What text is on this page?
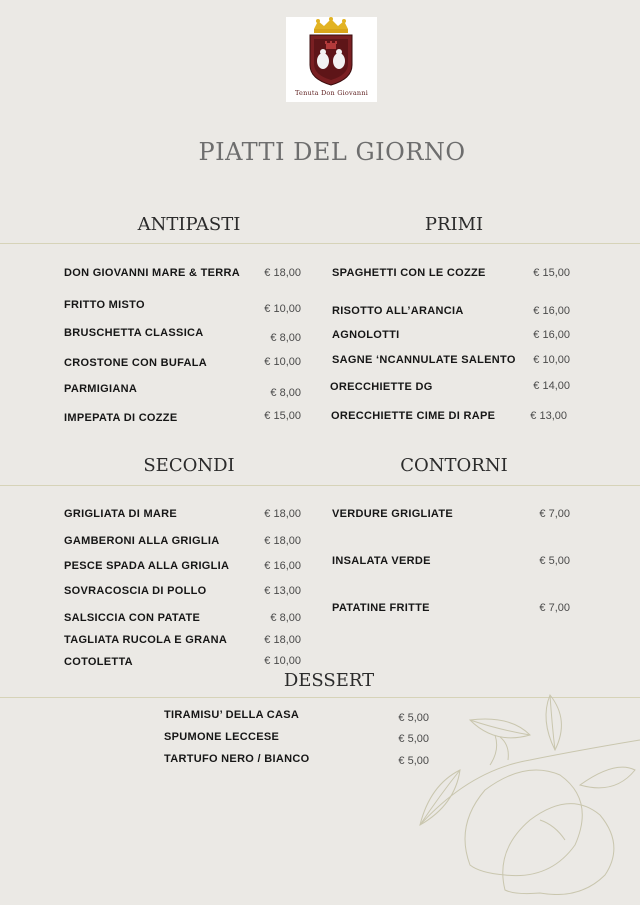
Tenuta Don Giovanni
PIATTI DEL GIORNO
ANTIPASTI	PRIMI
DON GIOVANNI MARE & TERRA	€ 18,00
FRITTO MISTO	€ 10,00
BRUSCHETTA CLASSICA	€ 8,00
CROSTONE CON BUFALA	€ 10,00
PARMIGIANA	€ 8,00
IMPEPATA DI COZZE	€ 15,00
SPAGHETTI CON LE COZZE	€ 15,00
RISOTTO ALL’ARANCIA	€ 16,00
AGNOLOTTI	€ 16,00
SAGNE ‘NCANNULATE SALENTO	€ 10,00
ORECCHIETTE DG	€ 14,00
ORECCHIETTE CIME DI RAPE	€ 13,00
SECONDI	CONTORNI
GRIGLIATA DI MARE	€ 18,00
GAMBERONI ALLA GRIGLIA	€ 18,00
PESCE SPADA ALLA GRIGLIA	€ 16,00
SOVRACOSCIA DI POLLO	€ 13,00
SALSICCIA CON PATATE	€ 8,00
TAGLIATA RUCOLA E GRANA	€ 18,00
COTOLETTA	€ 10,00
VERDURE GRIGLIATE	€ 7,00
INSALATA VERDE	€ 5,00
PATATINE FRITTE	€ 7,00
DESSERT
TIRAMISU’ DELLA CASA	€ 5,00
SPUMONE LECCESE	€ 5,00
TARTUFO NERO / BIANCO	€ 5,00
